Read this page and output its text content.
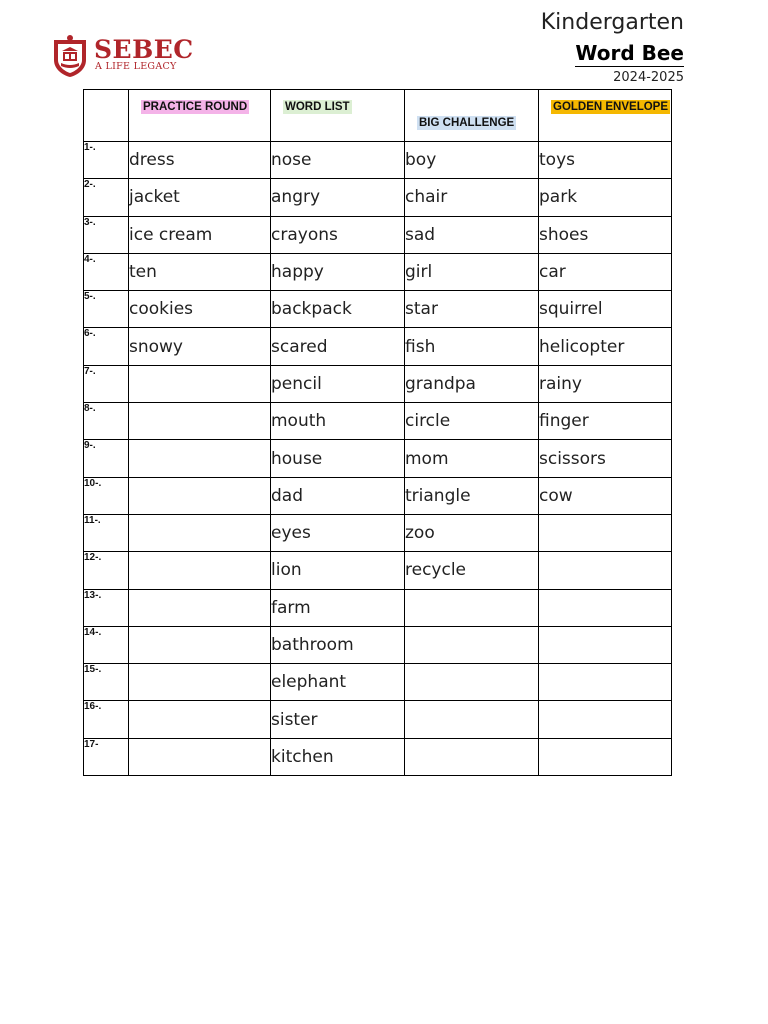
SEBEC
A LIFE LEGACY
Kindergarten
Word Bee
2024-2025
	PRACTICE ROUND	WORD LIST	BIG CHALLENGE	GOLDEN ENVELOPE
1-.	dress	nose	boy	toys
2-.	jacket	angry	chair	park
3-.	ice cream	crayons	sad	shoes
4-.	ten	happy	girl	car
5-.	cookies	backpack	star	squirrel
6-.	snowy	scared	fish	helicopter
7-.		pencil	grandpa	rainy
8-.		mouth	circle	finger
9-.		house	mom	scissors
10-.		dad	triangle	cow
11-.		eyes	zoo	
12-.		lion	recycle	
13-.		farm		
14-.		bathroom		
15-.		elephant		
16-.		sister		
17-		kitchen		
